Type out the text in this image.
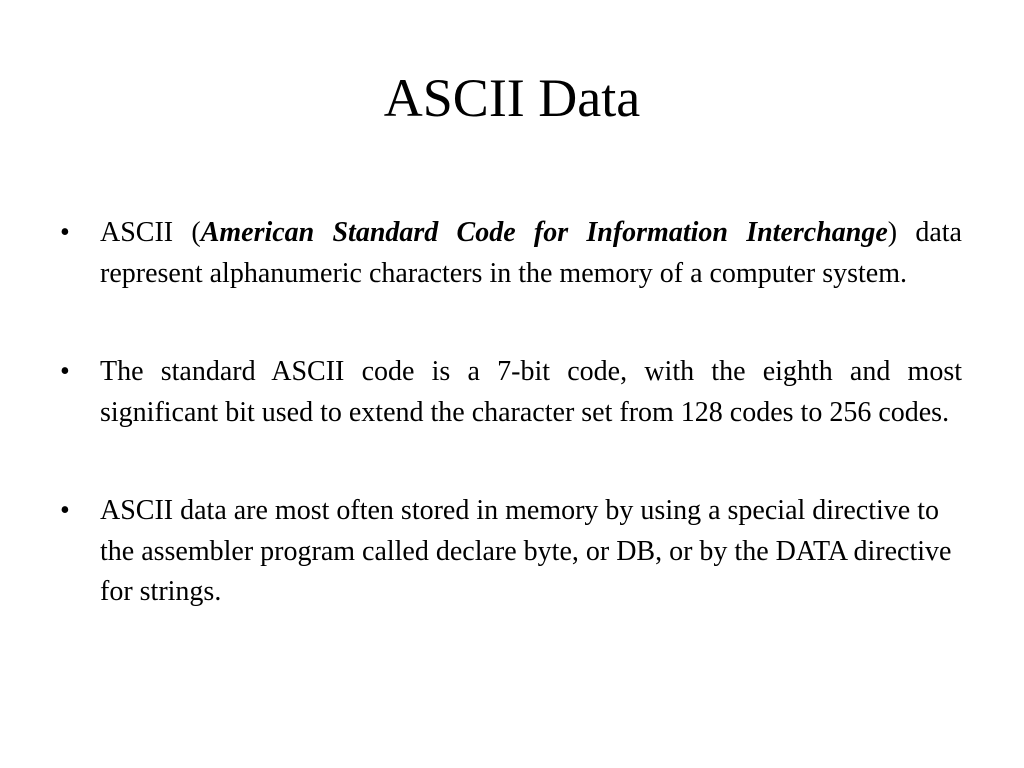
ASCII Data
•	ASCII (American Standard Code for Information Interchange) data represent alphanumeric characters in the memory of a computer system.
•	The standard ASCII code is a 7-bit code, with the eighth and most significant bit used to extend the character set from 128 codes to 256 codes.
•	ASCII data are most often stored in memory by using a special directive to the assembler program called declare byte, or DB, or by the DATA directive for strings.
